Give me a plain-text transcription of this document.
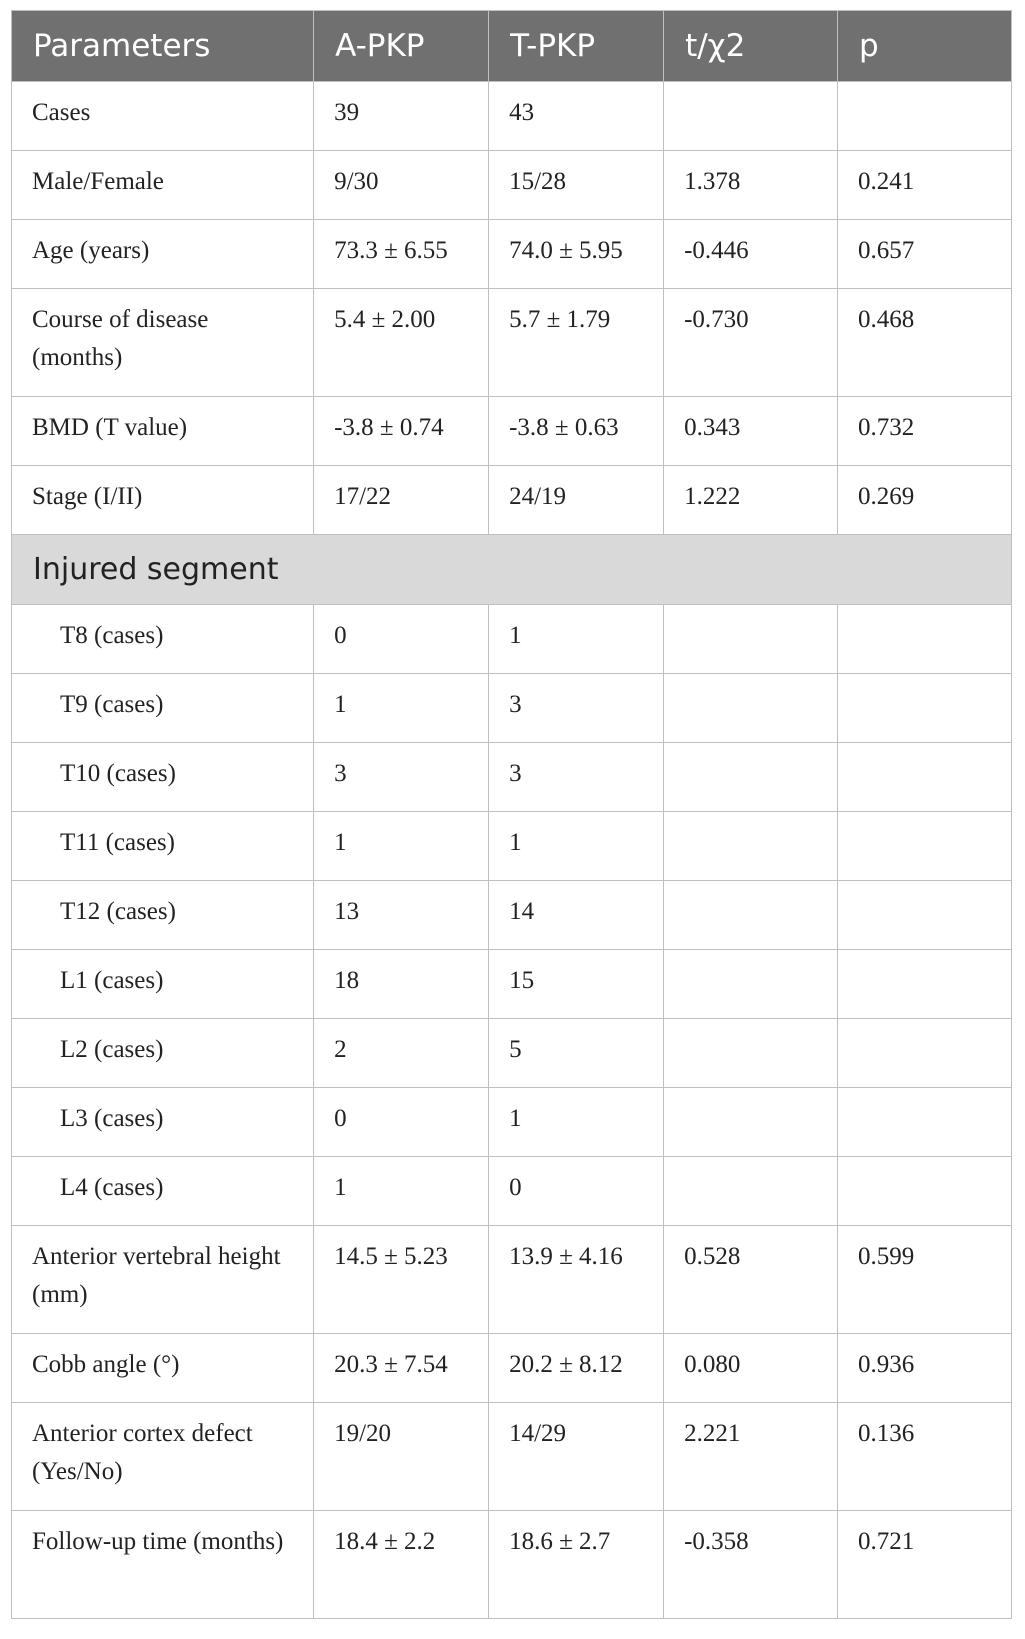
Parameters	A-PKP	T-PKP	t/χ2	p
Cases	39	43		
Male/Female	9/30	15/28	1.378	0.241
Age (years)	73.3 ± 6.55	74.0 ± 5.95	-0.446	0.657
Course of disease (months)	5.4 ± 2.00	5.7 ± 1.79	-0.730	0.468
BMD (T value)	-3.8 ± 0.74	-3.8 ± 0.63	0.343	0.732
Stage (I/II)	17/22	24/19	1.222	0.269
Injured segment				
T8 (cases)	0	1		
T9 (cases)	1	3		
T10 (cases)	3	3		
T11 (cases)	1	1		
T12 (cases)	13	14		
L1 (cases)	18	15		
L2 (cases)	2	5		
L3 (cases)	0	1		
L4 (cases)	1	0		
Anterior vertebral height (mm)	14.5 ± 5.23	13.9 ± 4.16	0.528	0.599
Cobb angle (°)	20.3 ± 7.54	20.2 ± 8.12	0.080	0.936
Anterior cortex defect (Yes/No)	19/20	14/29	2.221	0.136
Follow-up time (months)	18.4 ± 2.2	18.6 ± 2.7	-0.358	0.721
